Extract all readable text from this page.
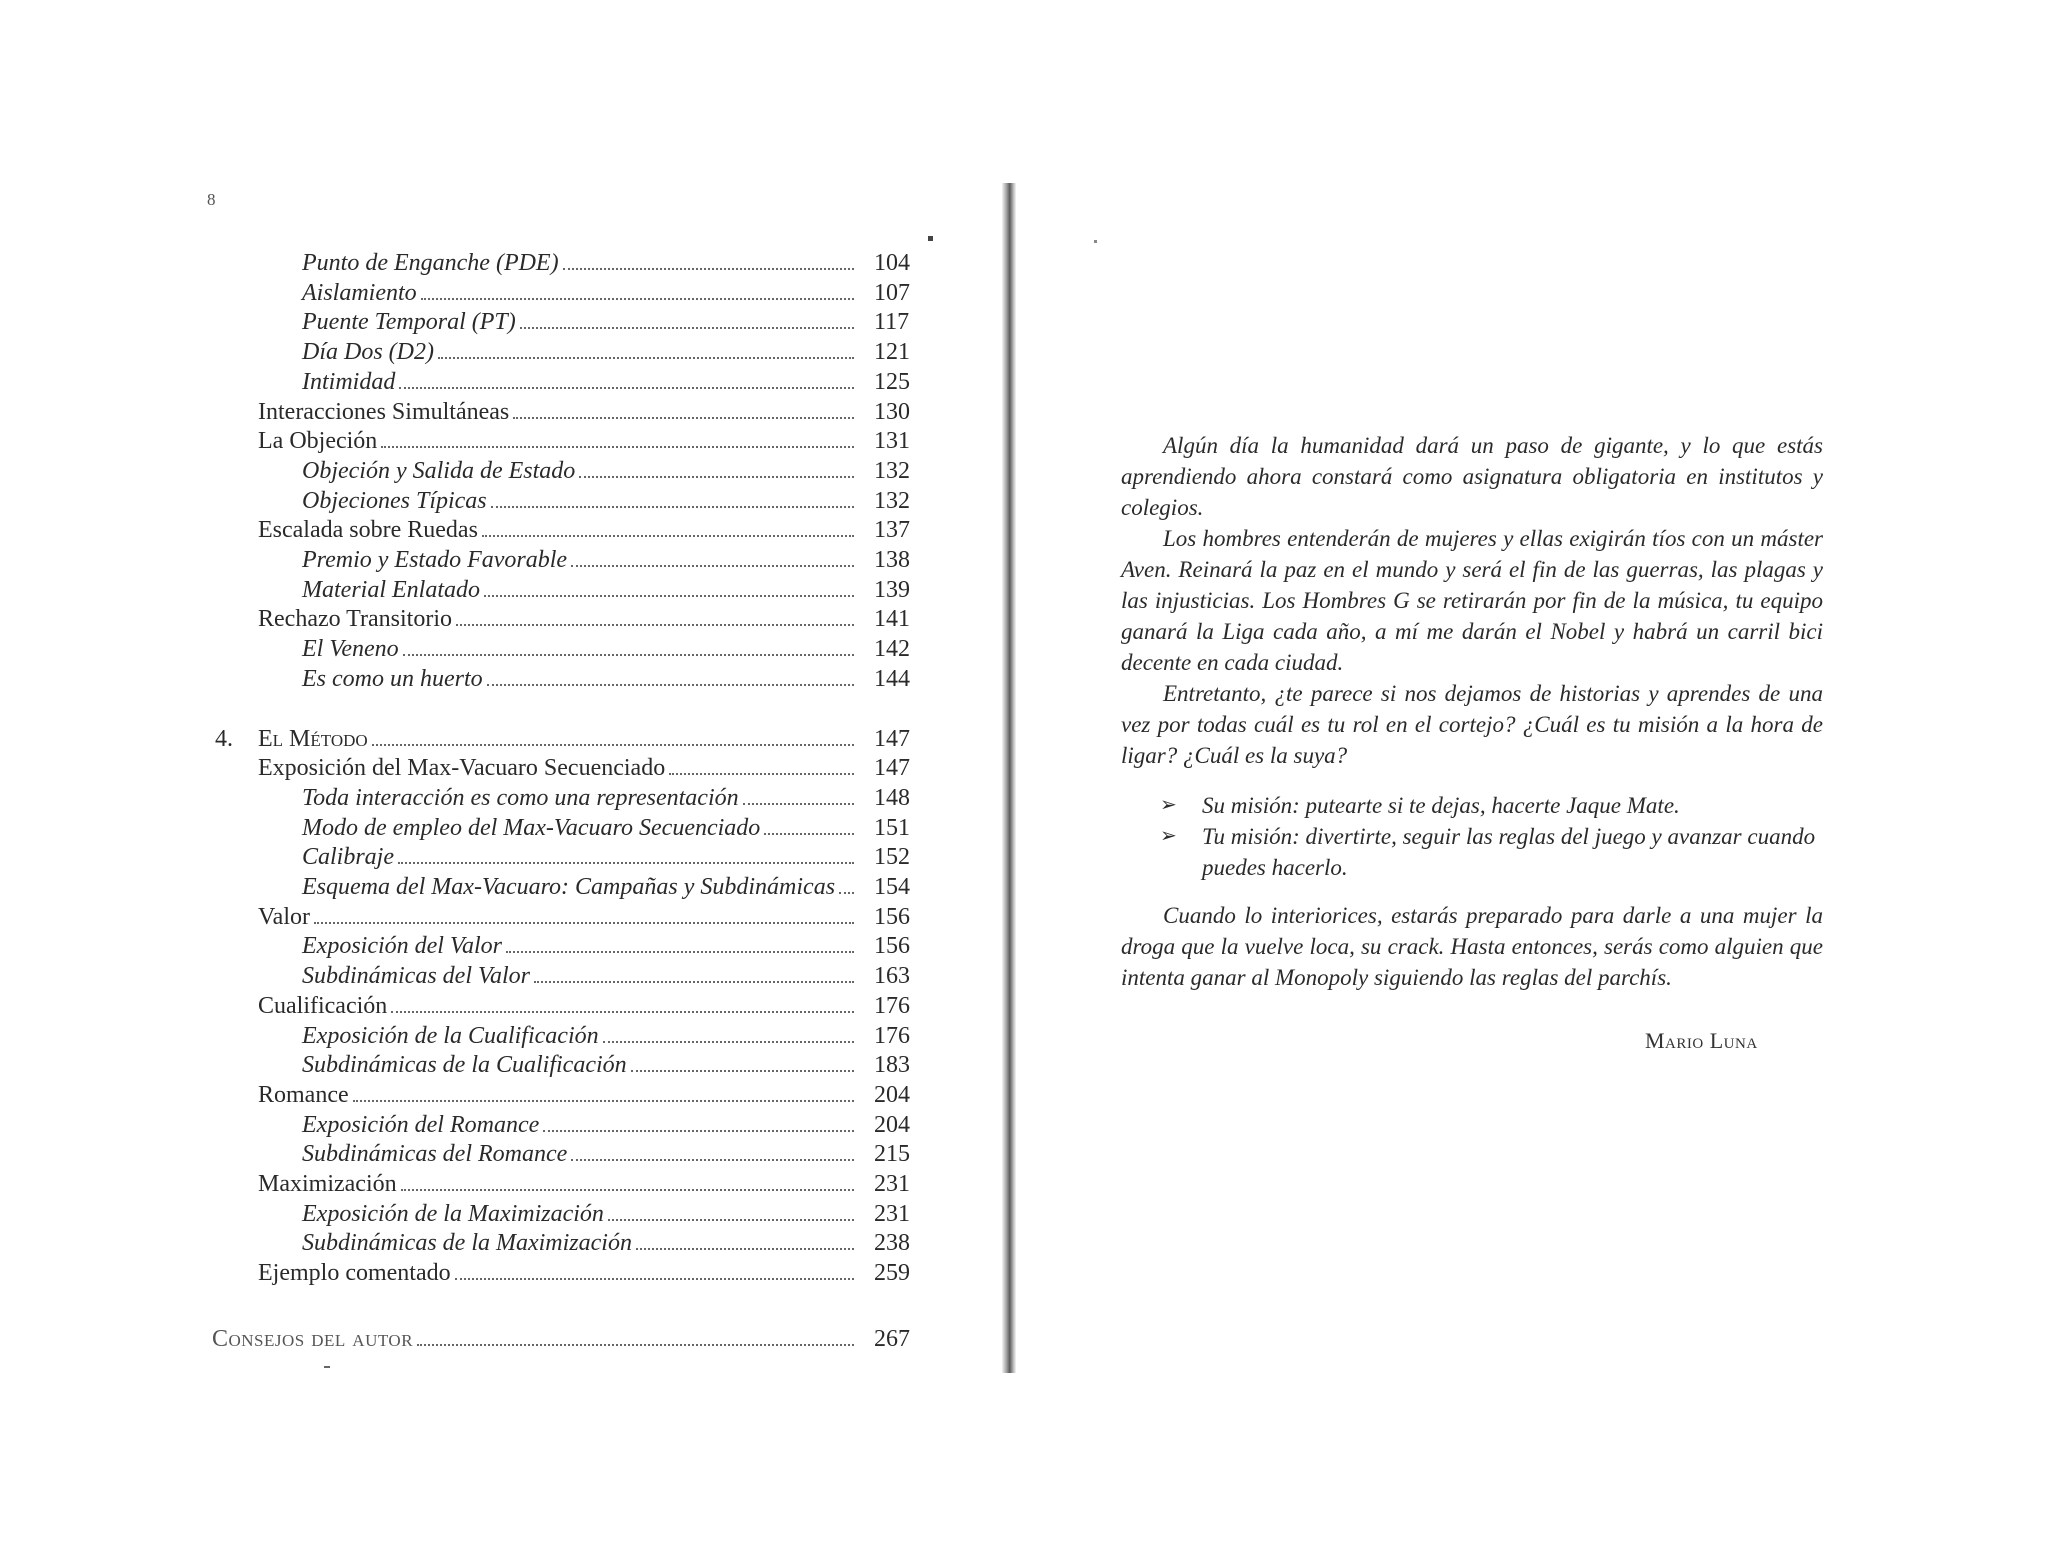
8
Punto de Enganche (PDE)	104
Aislamiento	107
Puente Temporal (PT)	117
Día Dos (D2)	121
Intimidad	125
Interacciones Simultáneas	130
La Objeción	131
Objeción y Salida de Estado	132
Objeciones Típicas	132
Escalada sobre Ruedas	137
Premio y Estado Favorable	138
Material Enlatado	139
Rechazo Transitorio	141
El Veneno	142
Es como un huerto	144
4.	El Método	147
Exposición del Max-Vacuaro Secuenciado	147
Toda interacción es como una representación	148
Modo de empleo del Max-Vacuaro Secuenciado	151
Calibraje	152
Esquema del Max-Vacuaro: Campañas y Subdinámicas 154
Valor	156
Exposición del Valor	156
Subdinámicas del Valor	163
Cualificación	176
Exposición de la Cualificación	176
Subdinámicas de la Cualificación	183
Romance	204
Exposición del Romance	204
Subdinámicas del Romance	215
Maximización	231
Exposición de la Maximización	231
Subdinámicas de la Maximización	238
Ejemplo comentado	259
Consejos del autor	267

Algún día la humanidad dará un paso de gigante, y lo que estás aprendiendo ahora constará como asignatura obligatoria en institutos y colegios.

Los hombres entenderán de mujeres y ellas exigirán tíos con un máster Aven. Reinará la paz en el mundo y será el fin de las guerras, las plagas y las injusticias. Los Hombres G se retirarán por fin de la música, tu equipo ganará la Liga cada año, a mí me darán el Nobel y habrá un carril bici decente en cada ciudad.

Entretanto, ¿te parece si nos dejamos de historias y aprendes de una vez por todas cuál es tu rol en el cortejo? ¿Cuál es tu misión a la hora de ligar? ¿Cuál es la suya?

➢	Su misión: putearte si te dejas, hacerte Jaque Mate.
➢	Tu misión: divertirte, seguir las reglas del juego y avanzar cuando puedes hacerlo.

Cuando lo interiorices, estarás preparado para darle a una mujer la droga que la vuelve loca, su crack. Hasta entonces, serás como alguien que intenta ganar al Monopoly siguiendo las reglas del parchís.

Mario Luna
